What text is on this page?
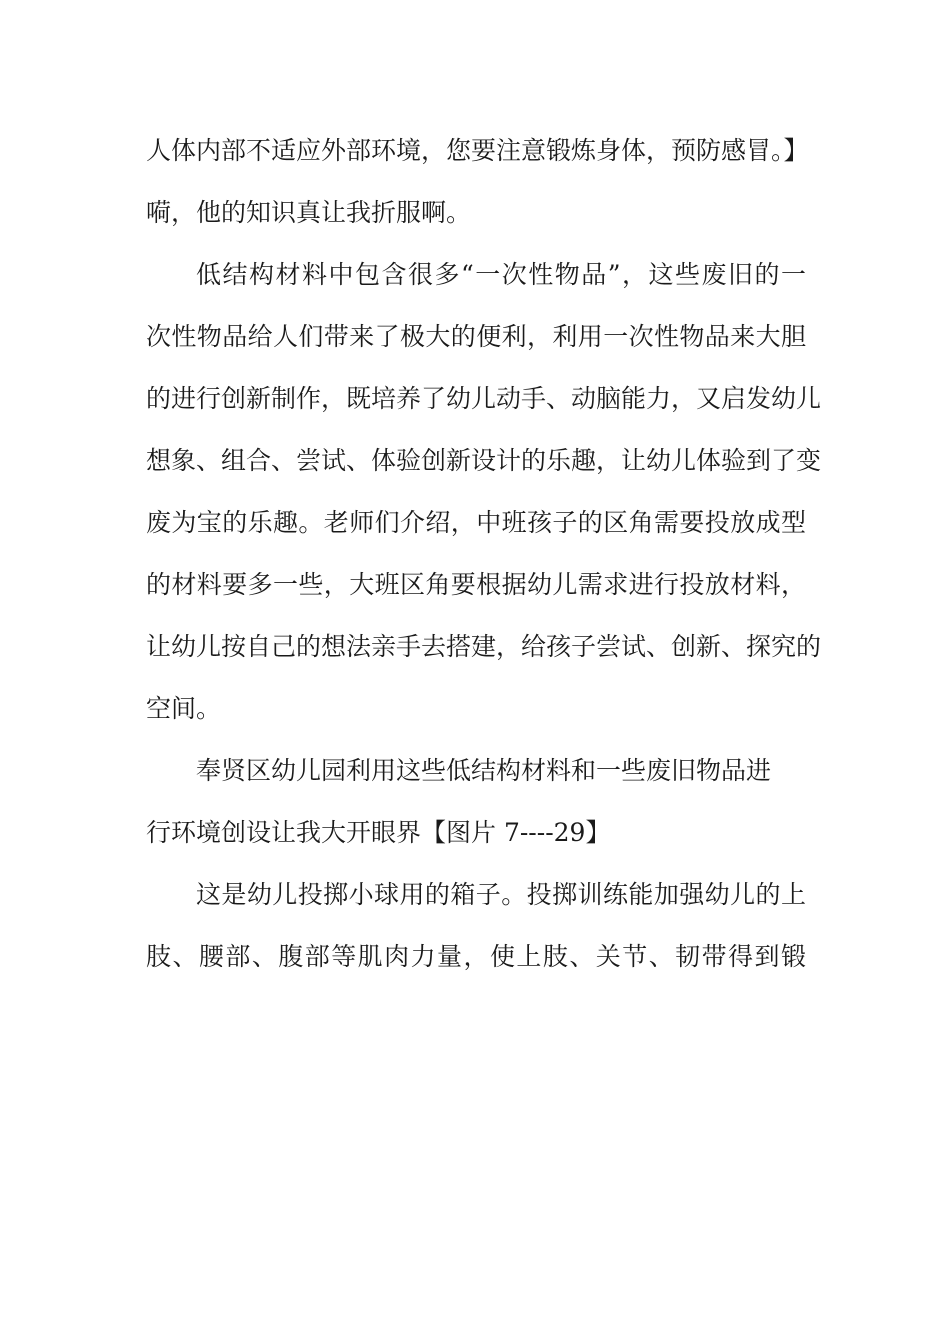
人体内部不适应外部环境，您要注意锻炼身体，预防感冒。】
嗬，他的知识真让我折服啊。
低结构材料中包含很多“一次性物品”，这些废旧的一
次性物品给人们带来了极大的便利，利用一次性物品来大胆
的进行创新制作，既培养了幼儿动手、动脑能力，又启发幼儿
想象、组合、尝试、体验创新设计的乐趣，让幼儿体验到了变
废为宝的乐趣。老师们介绍，中班孩子的区角需要投放成型
的材料要多一些，大班区角要根据幼儿需求进行投放材料，
让幼儿按自己的想法亲手去搭建，给孩子尝试、创新、探究的
空间。
奉贤区幼儿园利用这些低结构材料和一些废旧物品进
行环境创设让我大开眼界【图片 7----29】
这是幼儿投掷小球用的箱子。投掷训练能加强幼儿的上
肢、腰部、腹部等肌肉力量，使上肢、关节、韧带得到锻
